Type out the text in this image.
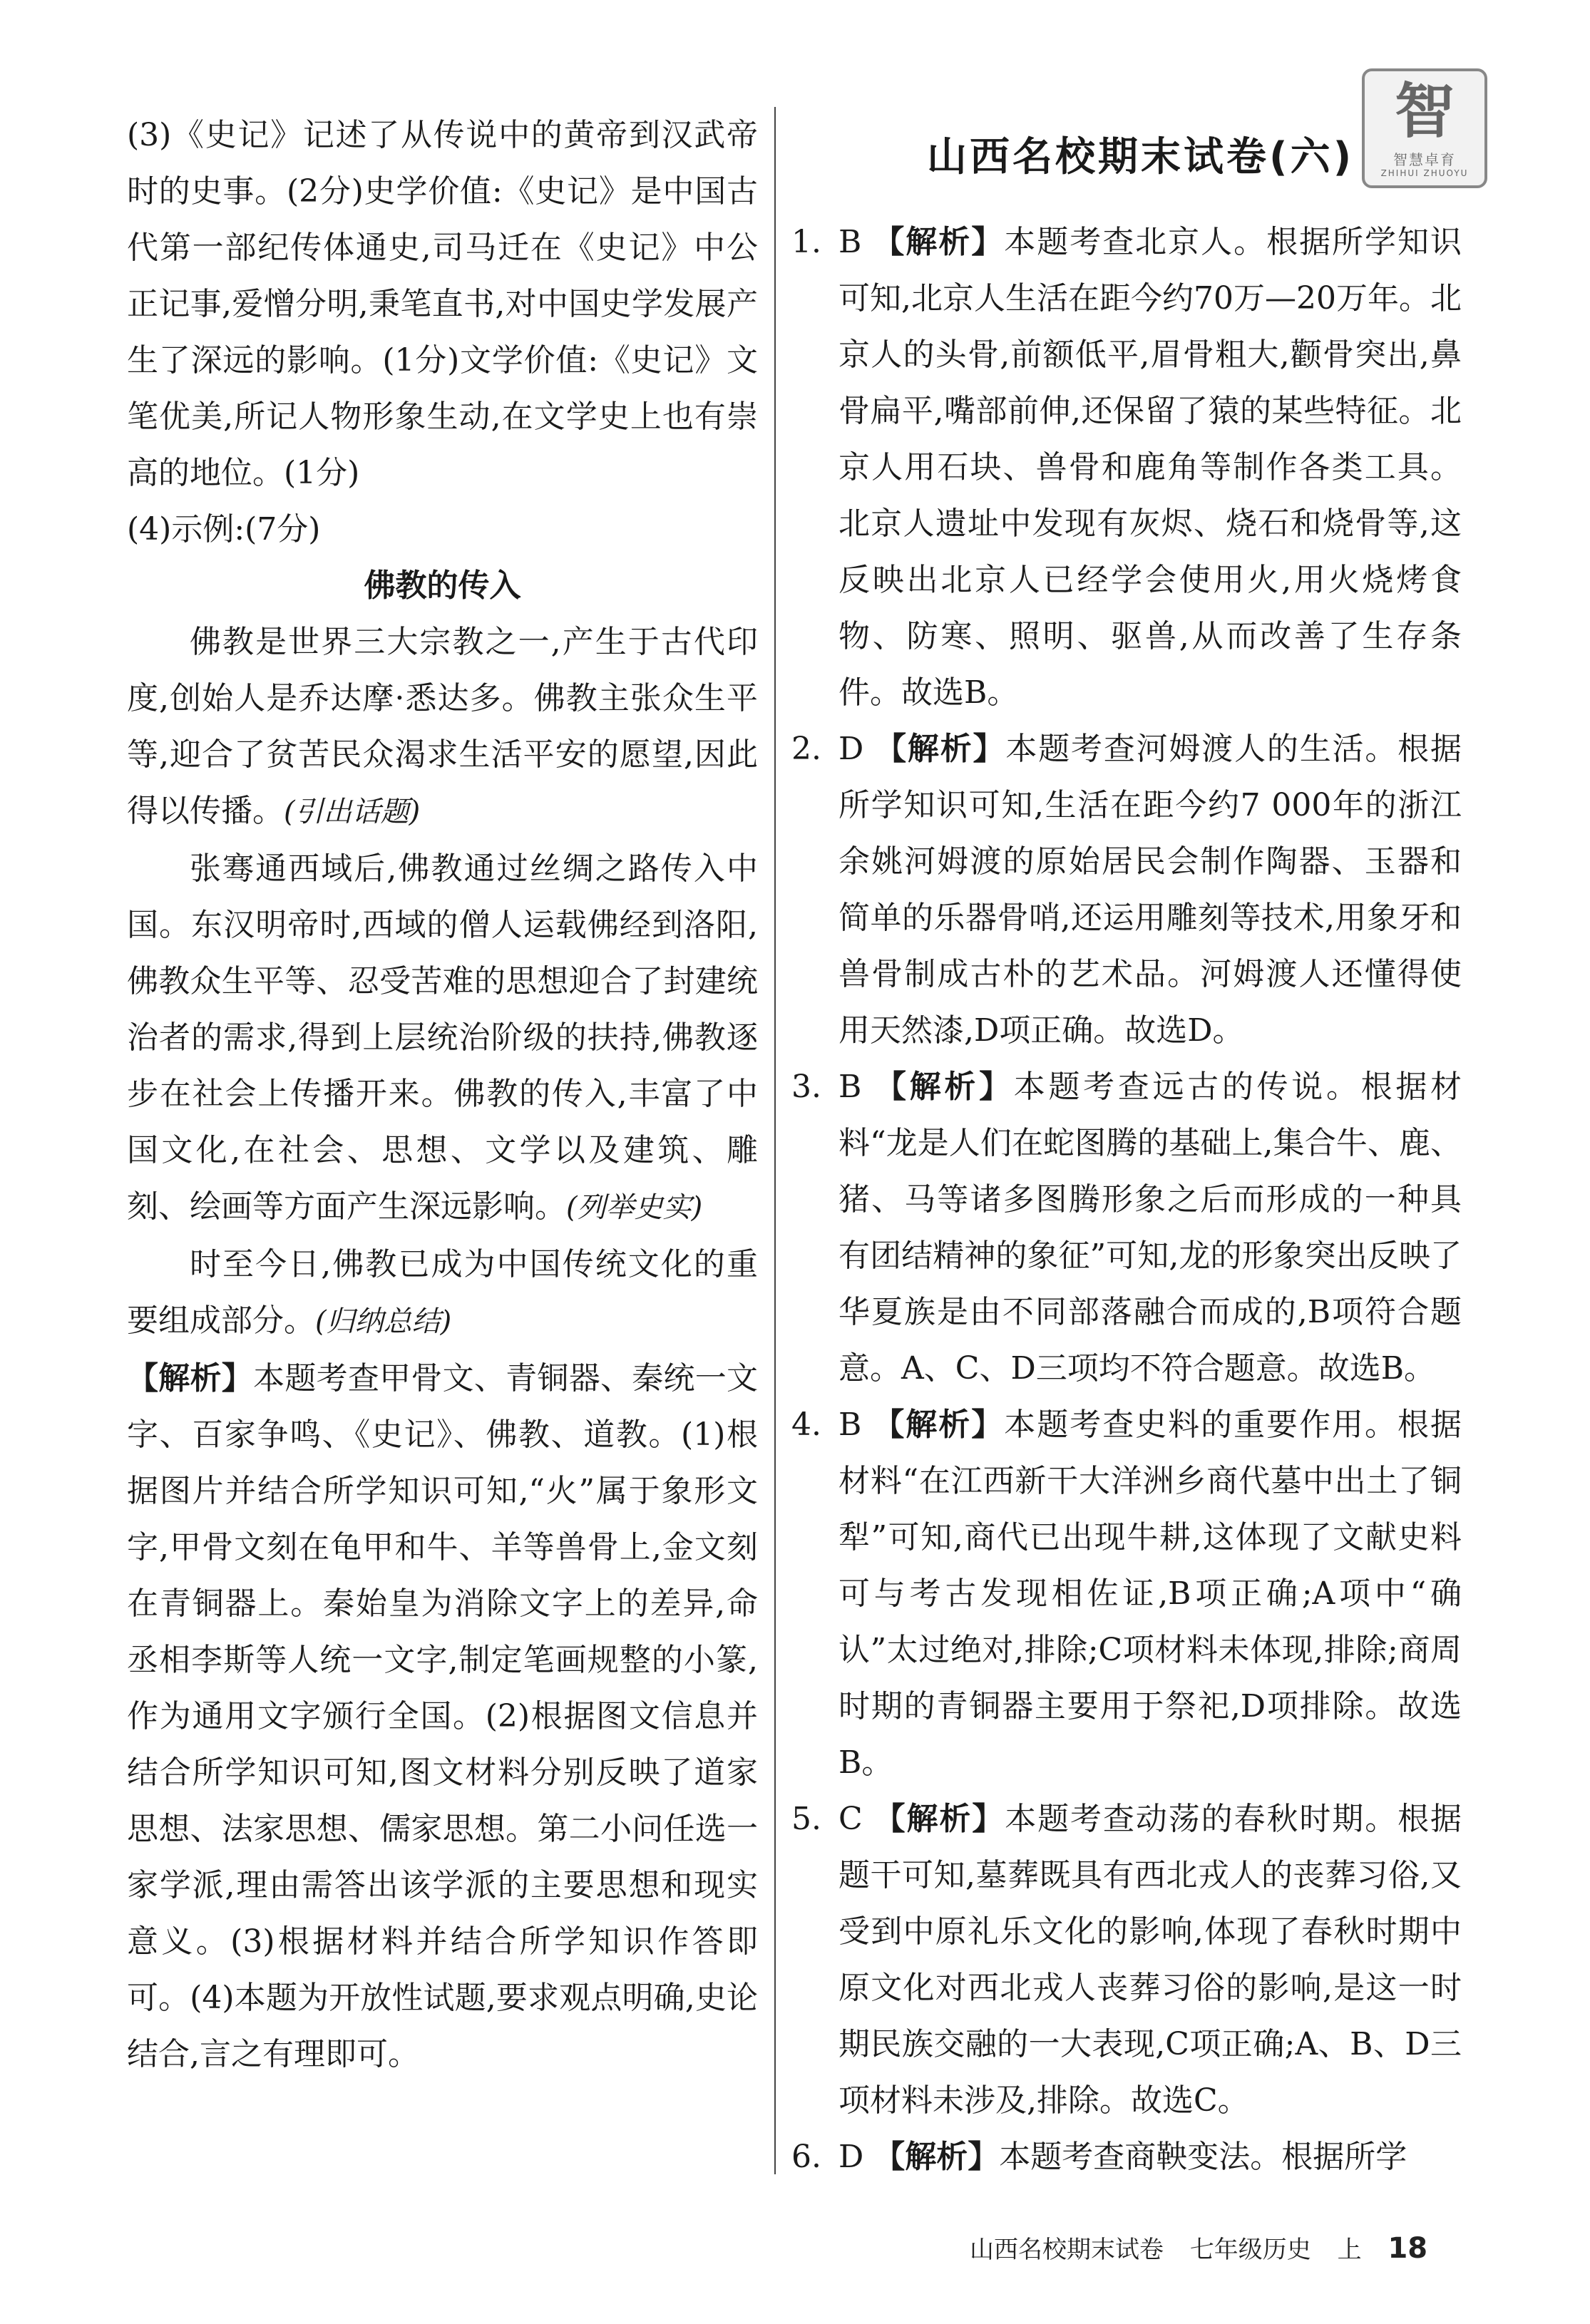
智
智慧卓育
ZHIHUI ZHUOYU

(3)《史记》记述了从传说中的黄帝到汉武帝时的史事。(2分)史学价值:《史记》是中国古代第一部纪传体通史,司马迁在《史记》中公正记事,爱憎分明,秉笔直书,对中国史学发展产生了深远的影响。(1分)文学价值:《史记》文笔优美,所记人物形象生动,在文学史上也有崇高的地位。(1分)

(4)示例:(7分)

佛教的传入

佛教是世界三大宗教之一,产生于古代印度,创始人是乔达摩·悉达多。佛教主张众生平等,迎合了贫苦民众渴求生活平安的愿望,因此得以传播。(引出话题)

张骞通西域后,佛教通过丝绸之路传入中国。东汉明帝时,西域的僧人运载佛经到洛阳,佛教众生平等、忍受苦难的思想迎合了封建统治者的需求,得到上层统治阶级的扶持,佛教逐步在社会上传播开来。佛教的传入,丰富了中国文化,在社会、思想、文学以及建筑、雕刻、绘画等方面产生深远影响。(列举史实)

时至今日,佛教已成为中国传统文化的重要组成部分。(归纳总结)

【解析】本题考查甲骨文、青铜器、秦统一文字、百家争鸣、《史记》、佛教、道教。(1)根据图片并结合所学知识可知,“火”属于象形文字,甲骨文刻在龟甲和牛、羊等兽骨上,金文刻在青铜器上。秦始皇为消除文字上的差异,命丞相李斯等人统一文字,制定笔画规整的小篆,作为通用文字颁行全国。(2)根据图文信息并结合所学知识可知,图文材料分别反映了道家思想、法家思想、儒家思想。第二小问任选一家学派,理由需答出该学派的主要思想和现实意义。(3)根据材料并结合所学知识作答即可。(4)本题为开放性试题,要求观点明确,史论结合,言之有理即可。

山西名校期末试卷(六)

1. B 【解析】本题考查北京人。根据所学知识可知,北京人生活在距今约70万—20万年。北京人的头骨,前额低平,眉骨粗大,颧骨突出,鼻骨扁平,嘴部前伸,还保留了猿的某些特征。北京人用石块、兽骨和鹿角等制作各类工具。北京人遗址中发现有灰烬、烧石和烧骨等,这反映出北京人已经学会使用火,用火烧烤食物、防寒、照明、驱兽,从而改善了生存条件。故选B。

2. D 【解析】本题考查河姆渡人的生活。根据所学知识可知,生活在距今约7 000年的浙江余姚河姆渡的原始居民会制作陶器、玉器和简单的乐器骨哨,还运用雕刻等技术,用象牙和兽骨制成古朴的艺术品。河姆渡人还懂得使用天然漆,D项正确。故选D。

3. B 【解析】本题考查远古的传说。根据材料“龙是人们在蛇图腾的基础上,集合牛、鹿、猪、马等诸多图腾形象之后而形成的一种具有团结精神的象征”可知,龙的形象突出反映了华夏族是由不同部落融合而成的,B项符合题意。A、C、D三项均不符合题意。故选B。

4. B 【解析】本题考查史料的重要作用。根据材料“在江西新干大洋洲乡商代墓中出土了铜犁”可知,商代已出现牛耕,这体现了文献史料可与考古发现相佐证,B项正确;A项中“确认”太过绝对,排除;C项材料未体现,排除;商周时期的青铜器主要用于祭祀,D项排除。故选B。

5. C 【解析】本题考查动荡的春秋时期。根据题干可知,墓葬既具有西北戎人的丧葬习俗,又受到中原礼乐文化的影响,体现了春秋时期中原文化对西北戎人丧葬习俗的影响,是这一时期民族交融的一大表现,C项正确;A、B、D三项材料未涉及,排除。故选C。

6. D 【解析】本题考查商鞅变法。根据所学

山西名校期末试卷 七年级历史 上 18
